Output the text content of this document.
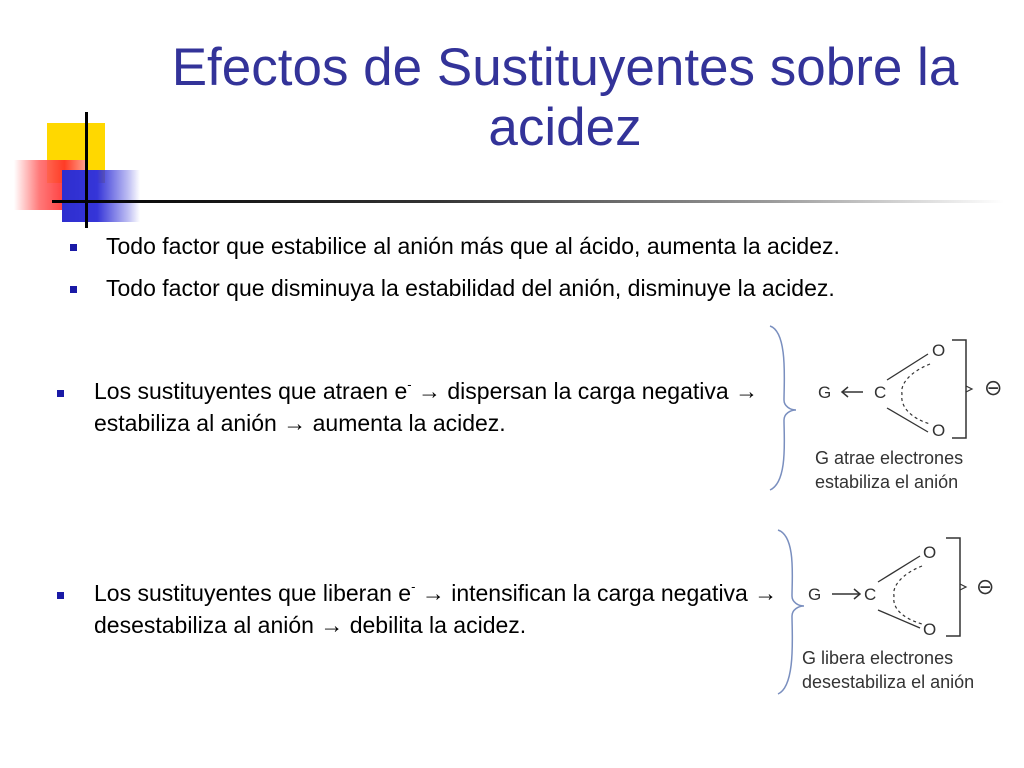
Efectos de Sustituyentes sobre la acidez
Todo factor que estabilice al anión más que al ácido, aumenta la acidez.
Todo factor que disminuya la estabilidad del anión, disminuye la acidez.
Los sustituyentes que atraen e- → dispersan la carga negativa → estabiliza al anión → aumenta la acidez.
Los sustituyentes que liberan e- → intensifican la carga negativa → desestabiliza al anión → debilita la acidez.
G	C
O
O
⊖
G atrae electrones
estabiliza el anión
G	C
O
O
⊖
G libera electrones
desestabiliza el anión
